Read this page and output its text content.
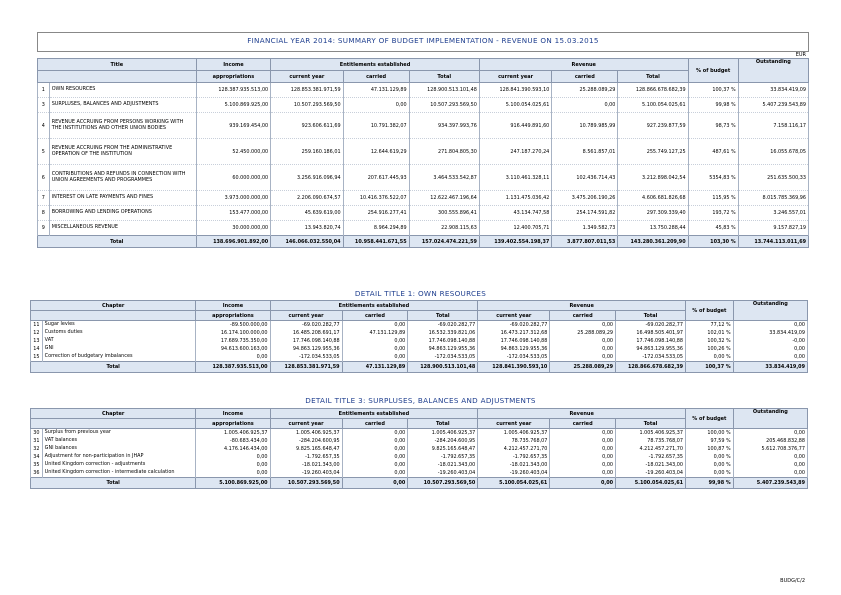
FINANCIAL YEAR 2014: SUMMARY OF BUDGET IMPLEMENTATION - REVENUE ON 15.03.2015
EUR
Title		Income	Entitlements established			Revenue			% of budget	Outstanding
		appropriations	current year	carried	Total	current year	carried	Total		
1	OWN RESOURCES	128.387.935.513,00	128.853.381.971,59	47.131.129,89	128.900.513.101,48	128.841.390.593,10	25.288.089,29	128.866.678.682,39	100,37 %	33.834.419,09
3	SURPLUSES, BALANCES AND ADJUSTMENTS	5.100.869.925,00	10.507.293.569,50	0,00	10.507.293.569,50	5.100.054.025,61	0,00	5.100.054.025,61	99,98 %	5.407.239.543,89
4	REVENUE ACCRUING FROM PERSONS WORKING WITH THE INSTITUTIONS AND OTHER UNION BODIES	939.169.454,00	923.606.611,69	10.791.382,07	934.397.993,76	916.449.891,60	10.789.985,99	927.239.877,59	98,73 %	7.158.116,17
5	REVENUE ACCRUING FROM THE ADMINISTRATIVE OPERATION OF THE INSTITUTION	52.450.000,00	259.160.186,01	12.644.619,29	271.804.805,30	247.187.270,24	8.561.857,01	255.749.127,25	487,61 %	16.055.678,05
6	CONTRIBUTIONS AND REFUNDS IN CONNECTION WITH UNION AGREEMENTS AND PROGRAMMES	60.000.000,00	3.256.916.096,94	207.617.445,93	3.464.533.542,87	3.110.461.328,11	102.436.714,43	3.212.898.042,54	5354,83 %	251.635.500,33
7	INTEREST ON LATE PAYMENTS AND FINES	3.973.000.000,00	2.206.090.674,57	10.416.376.522,07	12.622.467.196,64	1.131.475.036,42	3.475.206.190,26	4.606.681.826,68	115,95 %	8.015.785.369,96
8	BORROWING AND LENDING OPERATIONS	153.477.000,00	45.639.619,00	254.916.277,41	300.555.896,41	43.134.747,58	254.174.591,82	297.309.339,40	193,72 %	3.246.557,01
9	MISCELLANEOUS REVENUE	30.000.000,00	13.943.820,74	8.964.294,89	22.908.115,63	12.400.705,71	1.349.582,73	13.750.288,44	45,83 %	9.157.827,19
Total		138.696.901.892,00	146.066.032.550,04	10.958.441.671,55	157.024.474.221,59	139.402.554.198,37	3.877.807.011,53	143.280.361.209,90	103,30 %	13.744.113.011,69
DETAIL TITLE 1: OWN RESOURCES
Chapter		Income	Entitlements established			Revenue			% of budget	Outstanding
		appropriations	current year	carried	Total	current year	carried	Total		
11	Sugar levies	-89.500.000,00	-69.020.282,77	0,00	-69.020.282,77	-69.020.282,77	0,00	-69.020.282,77	77,12 %	0,00
12	Customs duties	16.174.100.000,00	16.485.208.691,17	47.131.129,89	16.532.339.821,06	16.473.217.312,68	25.288.089,29	16.498.505.401,97	102,01 %	33.834.419,09
13	VAT	17.689.735.350,00	17.746.098.140,88	0,00	17.746.098.140,88	17.746.098.140,88	0,00	17.746.098.140,88	100,32 %	-0,00
14	GNI	94.613.600.163,00	94.863.129.955,36	0,00	94.863.129.955,36	94.863.129.955,36	0,00	94.863.129.955,36	100,26 %	0,00
15	Correction of budgetary imbalances	0,00	-172.034.533,05	0,00	-172.034.533,05	-172.034.533,05	0,00	-172.034.533,05	0,00 %	0,00
Total		128.387.935.513,00	128.853.381.971,59	47.131.129,89	128.900.513.101,48	128.841.390.593,10	25.288.089,29	128.866.678.682,39	100,37 %	33.834.419,09
DETAIL TITLE 3: SURPLUSES, BALANCES AND ADJUSTMENTS
Chapter		Income	Entitlements established			Revenue			% of budget	Outstanding
		appropriations	current year	carried	Total	current year	carried	Total		
30	Surplus from previous year	1.005.406.925,37	1.005.406.925,37	0,00	1.005.406.925,37	1.005.406.925,37	0,00	1.005.406.925,37	100,00 %	0,00
31	VAT balances	-80.683.434,00	-284.204.600,95	0,00	-284.204.600,95	78.735.768,07	0,00	78.735.768,07	97,59 %	205.468.832,88
32	GNI balances	4.176.146.434,00	9.825.165.648,47	0,00	9.825.165.648,47	4.212.457.271,70	0,00	4.212.457.271,70	100,87 %	5.612.708.376,77
34	Adjustment for non-participation in JHAP	0,00	-1.792.657,35	0,00	-1.792.657,35	-1.792.657,35	0,00	-1.792.657,35	0,00 %	0,00
35	United Kingdom correction - adjustments	0,00	-18.021.343,00	0,00	-18.021.343,00	-18.021.343,00	0,00	-18.021.343,00	0,00 %	0,00
36	United Kingdom correction - intermediate calculation	0,00	-19.260.403,04	0,00	-19.260.403,04	-19.260.403,04	0,00	-19.260.403,04	0,00 %	0,00
Total		5.100.869.925,00	10.507.293.569,50	0,00	10.507.293.569,50	5.100.054.025,61	0,00	5.100.054.025,61	99,98 %	5.407.239.543,89
BUDG/C/2
